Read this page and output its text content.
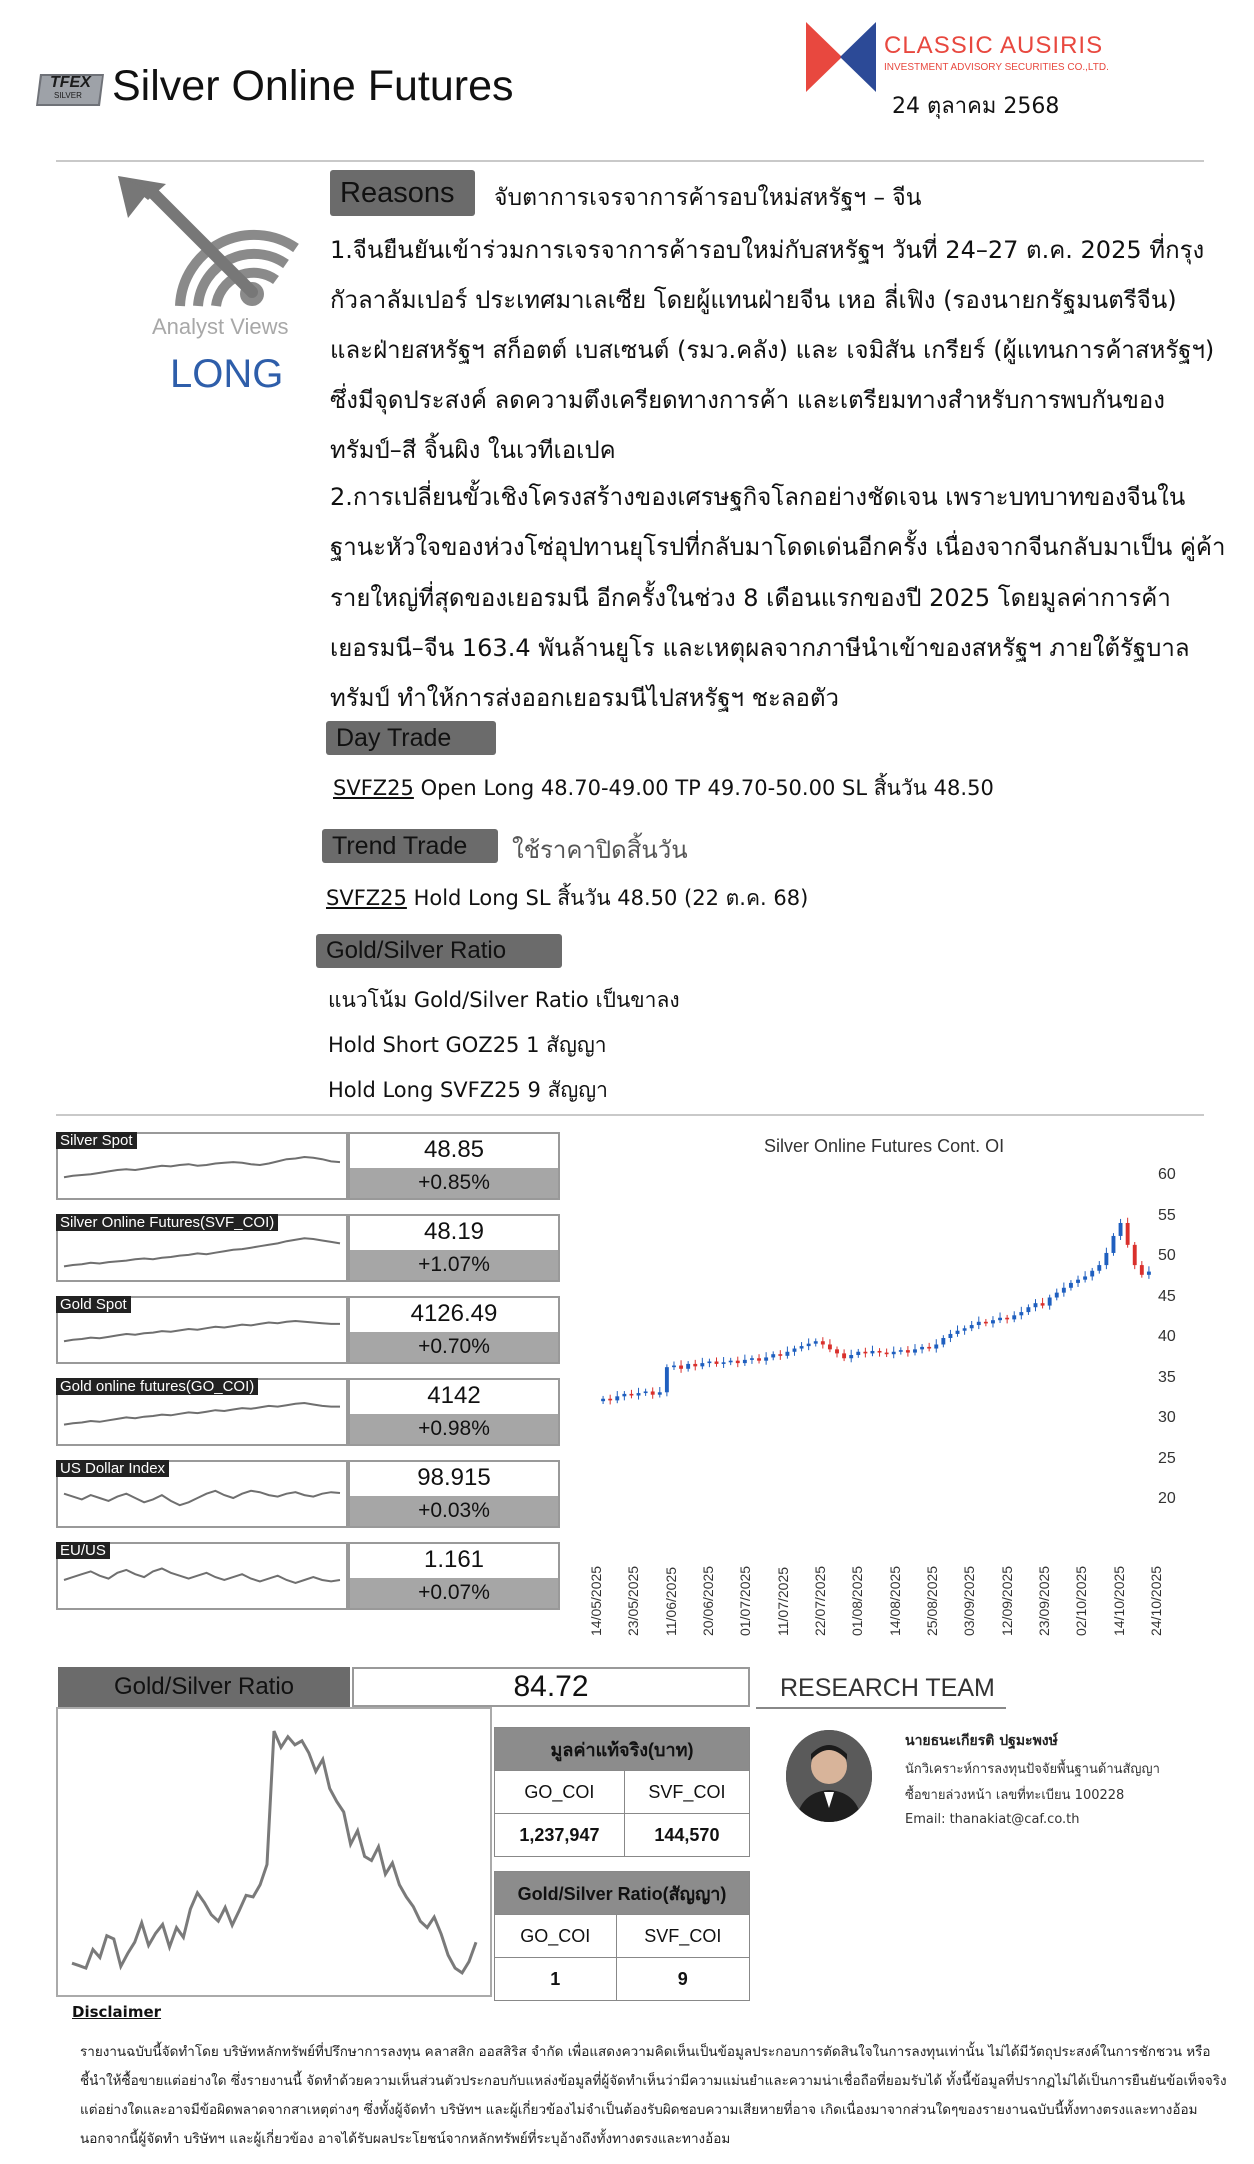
TFEX
SILVER Silver Online Futures
CLASSIC AUSIRIS
INVESTMENT ADVISORY SECURITIES CO.,LTD.
24 ตุลาคม 2568
Analyst Views
LONG
Reasons	จับตาการเจรจาการค้ารอบใหม่สหรัฐฯ – จีน
1.จีนยืนยันเข้าร่วมการเจรจาการค้ารอบใหม่กับสหรัฐฯ วันที่ 24–27 ต.ค. 2025 ที่กรุง
กัวลาลัมเปอร์ ประเทศมาเลเซีย โดยผู้แทนฝ่ายจีน เหอ ลี่เฟิง (รองนายกรัฐมนตรีจีน)
และฝ่ายสหรัฐฯ สก็อตต์ เบสเซนต์ (รมว.คลัง) และ เจมิสัน เกรียร์ (ผู้แทนการค้าสหรัฐฯ)
ซึ่งมีจุดประสงค์ ลดความตึงเครียดทางการค้า และเตรียมทางสำหรับการพบกันของ
ทรัมป์–สี จิ้นผิง ในเวทีเอเปค
2.การเปลี่ยนขั้วเชิงโครงสร้างของเศรษฐกิจโลกอย่างชัดเจน เพราะบทบาทของจีนใน
ฐานะหัวใจของห่วงโซ่อุปทานยุโรปที่กลับมาโดดเด่นอีกครั้ง เนื่องจากจีนกลับมาเป็น คู่ค้า
รายใหญ่ที่สุดของเยอรมนี อีกครั้งในช่วง 8 เดือนแรกของปี 2025 โดยมูลค่าการค้า
เยอรมนี–จีน 163.4 พันล้านยูโร และเหตุผลจากภาษีนำเข้าของสหรัฐฯ ภายใต้รัฐบาล
ทรัมป์ ทำให้การส่งออกเยอรมนีไปสหรัฐฯ ชะลอตัว
Day Trade
SVFZ25 Open Long 48.70-49.00 TP 49.70-50.00 SL สิ้นวัน 48.50
Trend Trade	ใช้ราคาปิดสิ้นวัน
SVFZ25 Hold Long SL สิ้นวัน 48.50 (22 ต.ค. 68)
Gold/Silver Ratio
แนวโน้ม Gold/Silver Ratio เป็นขาลง
Hold Short GOZ25 1 สัญญา
Hold Long SVFZ25 9 สัญญา
Silver Spot	48.85
+0.85%
Silver Online Futures(SVF_COI)	48.19
+1.07%
Gold Spot	4126.49
+0.70%
Gold online futures(GO_COI)	4142
+0.98%
US Dollar Index	98.915
+0.03%
EU/US	1.161
+0.07%
Silver Online Futures Cont. OI
60
55
50
45
40
35
30
25
20
14/05/2025 23/05/2025 11/06/2025 20/06/2025 01/07/2025 11/07/2025 22/07/2025 01/08/2025 14/08/2025 25/08/2025 03/09/2025 12/09/2025 23/09/2025 02/10/2025 14/10/2025 24/10/2025
Gold/Silver Ratio	84.72
มูลค่าแท้จริง(บาท)	
GO_COI	SVF_COI
1,237,947	144,570
Gold/Silver Ratio(สัญญา)	
GO_COI	SVF_COI
1	9
RESEARCH TEAM
นายธนะเกียรติ ปฐมะพงษ์
นักวิเคราะห์การลงทุนปัจจัยพื้นฐานด้านสัญญา
ซื้อขายล่วงหน้า เลขที่ทะเบียน 100228
Email: thanakiat@caf.co.th
Disclaimer
รายงานฉบับนี้จัดทำโดย บริษัทหลักทรัพย์ที่ปรึกษาการลงทุน คลาสสิก ออสสิริส จำกัด เพื่อแสดงความคิดเห็นเป็นข้อมูลประกอบการตัดสินใจในการลงทุนเท่านั้น ไม่ได้มีวัตถุประสงค์ในการชักชวน หรือ
ชี้นำให้ซื้อขายแต่อย่างใด ซึ่งรายงานนี้ จัดทำด้วยความเห็นส่วนตัวประกอบกับแหล่งข้อมูลที่ผู้จัดทำเห็นว่ามีความแม่นยำและความน่าเชื่อถือที่ยอมรับได้ ทั้งนี้ข้อมูลที่ปรากฏไม่ได้เป็นการยืนยันข้อเท็จจริง
แต่อย่างใดและอาจมีข้อผิดพลาดจากสาเหตุต่างๆ ซึ่งทั้งผู้จัดทำ บริษัทฯ และผู้เกี่ยวข้องไม่จำเป็นต้องรับผิดชอบความเสียหายที่อาจ เกิดเนื่องมาจากส่วนใดๆของรายงานฉบับนี้ทั้งทางตรงและทางอ้อม
นอกจากนี้ผู้จัดทำ บริษัทฯ และผู้เกี่ยวข้อง อาจได้รับผลประโยชน์จากหลักทรัพย์ที่ระบุอ้างถึงทั้งทางตรงและทางอ้อม
